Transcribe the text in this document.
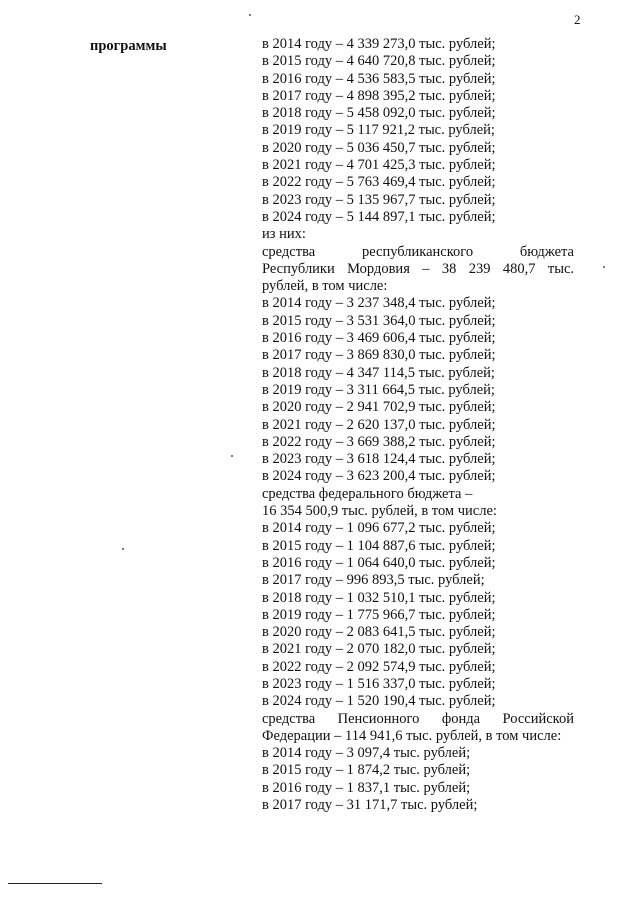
2
программы	в 2014 году – 4 339 273,0 тыс. рублей;
в 2015 году – 4 640 720,8 тыс. рублей;
в 2016 году – 4 536 583,5 тыс. рублей;
в 2017 году – 4 898 395,2 тыс. рублей;
в 2018 году – 5 458 092,0 тыс. рублей;
в 2019 году – 5 117 921,2 тыс. рублей;
в 2020 году – 5 036 450,7 тыс. рублей;
в 2021 году – 4 701 425,3 тыс. рублей;
в 2022 году – 5 763 469,4 тыс. рублей;
в 2023 году – 5 135 967,7 тыс. рублей;
в 2024 году – 5 144 897,1 тыс. рублей;
из них:
средства республиканского бюджета
Республики Мордовия – 38 239 480,7 тыс.
рублей, в том числе:
в 2014 году – 3 237 348,4 тыс. рублей;
в 2015 году – 3 531 364,0 тыс. рублей;
в 2016 году – 3 469 606,4 тыс. рублей;
в 2017 году – 3 869 830,0 тыс. рублей;
в 2018 году – 4 347 114,5 тыс. рублей;
в 2019 году – 3 311 664,5 тыс. рублей;
в 2020 году – 2 941 702,9 тыс. рублей;
в 2021 году – 2 620 137,0 тыс. рублей;
в 2022 году – 3 669 388,2 тыс. рублей;
в 2023 году – 3 618 124,4 тыс. рублей;
в 2024 году – 3 623 200,4 тыс. рублей;
средства федерального бюджета –
16 354 500,9 тыс. рублей, в том числе:
в 2014 году – 1 096 677,2 тыс. рублей;
в 2015 году – 1 104 887,6 тыс. рублей;
в 2016 году – 1 064 640,0 тыс. рублей;
в 2017 году – 996 893,5 тыс. рублей;
в 2018 году – 1 032 510,1 тыс. рублей;
в 2019 году – 1 775 966,7 тыс. рублей;
в 2020 году – 2 083 641,5 тыс. рублей;
в 2021 году – 2 070 182,0 тыс. рублей;
в 2022 году – 2 092 574,9 тыс. рублей;
в 2023 году – 1 516 337,0 тыс. рублей;
в 2024 году – 1 520 190,4 тыс. рублей;
средства Пенсионного фонда Российской
Федерации – 114 941,6 тыс. рублей, в том числе:
в 2014 году – 3 097,4 тыс. рублей;
в 2015 году – 1 874,2 тыс. рублей;
в 2016 году – 1 837,1 тыс. рублей;
в 2017 году – 31 171,7 тыс. рублей;
